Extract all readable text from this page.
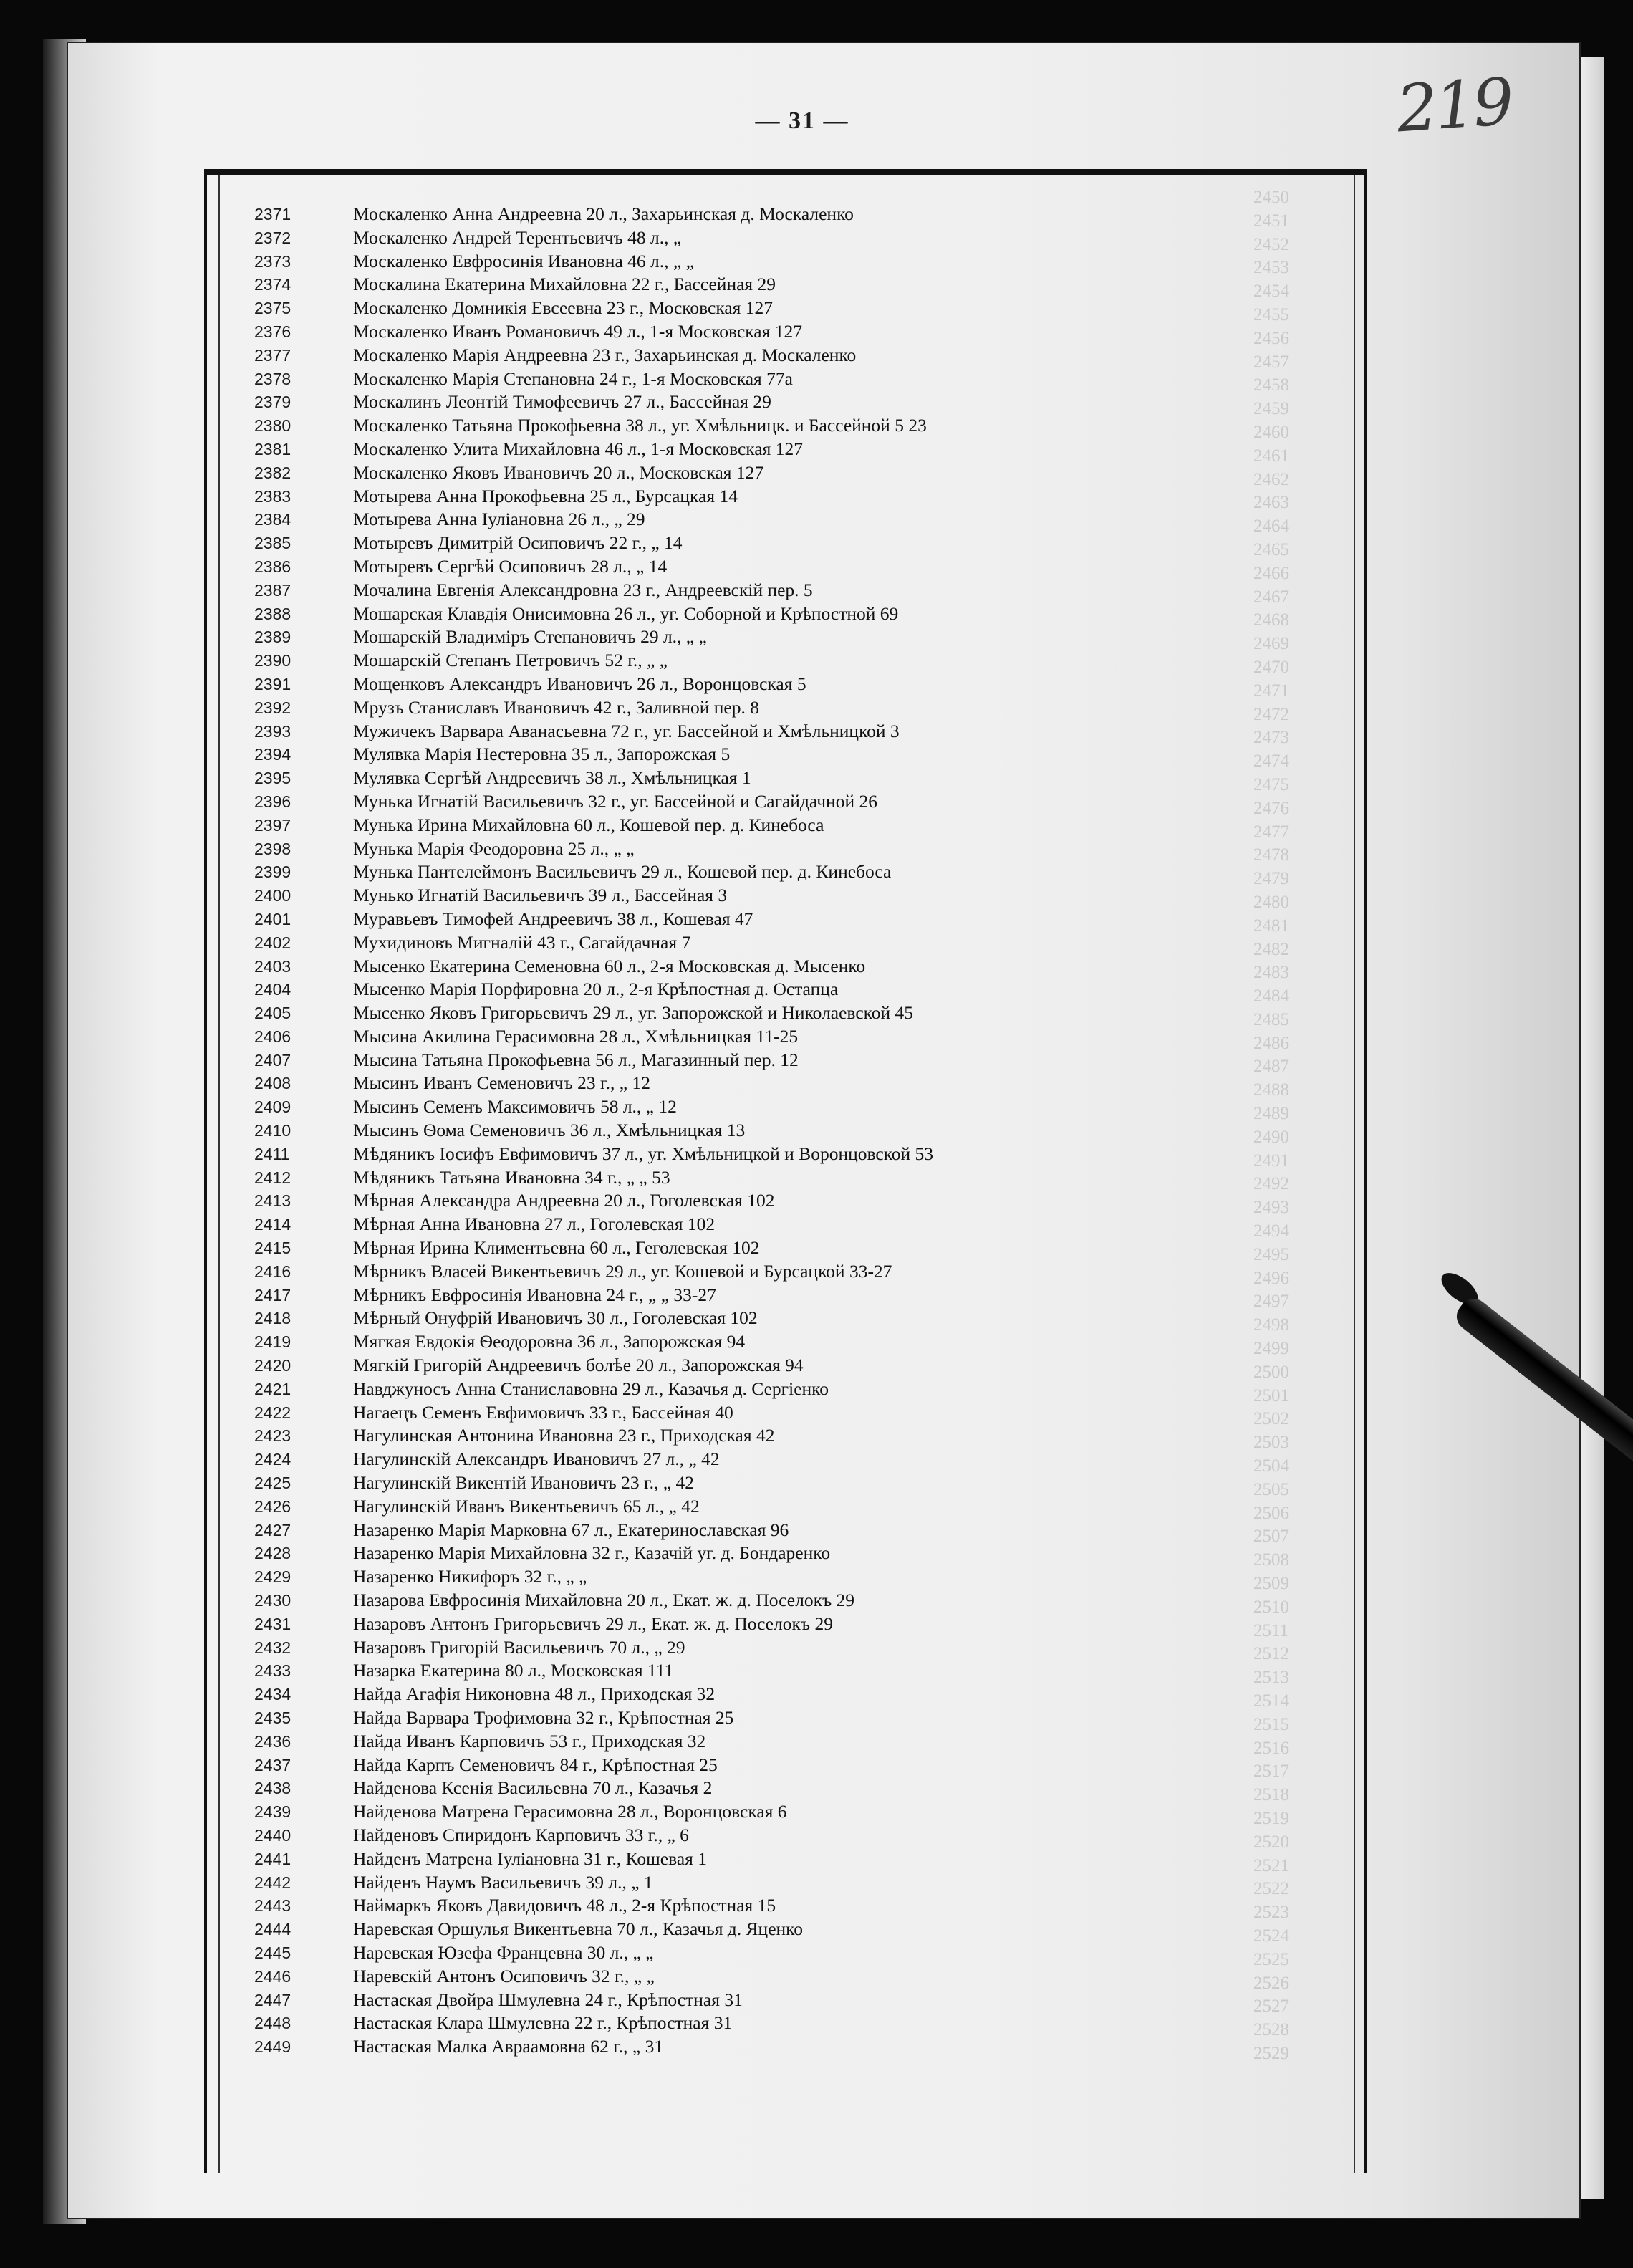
— 31 —	219
2450
2451
2452
2453
2454
2455
2456
2457
2458
2459
2460
2461
2462
2463
2464
2465
2466
2467
2468
2469
2470
2471
2472
2473
2474
2475
2476
2477
2478
2479
2480
2481
2482
2483
2484
2485
2486
2487
2488
2489
2490
2491
2492
2493
2494
2495
2496
2497
2498
2499
2500
2501
2502
2503
2504
2505
2506
2507
2508
2509
2510
2511
2512
2513
2514
2515
2516
2517
2518
2519
2520
2521
2522
2523
2524
2525
2526
2527
2528
2529
2371	Москаленко Анна Андреевна 20 л., Захарьинская д. Москаленко
2372	Москаленко Андрей Терентьевичъ 48 л., „
2373	Москаленко Евфросинія Ивановна 46 л., „ „
2374	Москалина Екатерина Михайловна 22 г., Бассейная 29
2375	Москаленко Домникія Евсеевна 23 г., Московская 127
2376	Москаленко Иванъ Романовичъ 49 л., 1-я Московская 127
2377	Москаленко Марія Андреевна 23 г., Захарьинская д. Москаленко
2378	Москаленко Марія Степановна 24 г., 1-я Московская 77а
2379	Москалинъ Леонтій Тимофеевичъ 27 л., Бассейная 29
2380	Москаленко Татьяна Прокофьевна 38 л., уг. Хмѣльницк. и Бассейной 5 23
2381	Москаленко Улита Михайловна 46 л., 1-я Московская 127
2382	Москаленко Яковъ Ивановичъ 20 л., Московская 127
2383	Мотырева Анна Прокофьевна 25 л., Бурсацкая 14
2384	Мотырева Анна Іуліановна 26 л., „ 29
2385	Мотыревъ Димитрій Осиповичъ 22 г., „ 14
2386	Мотыревъ Сергѣй Осиповичъ 28 л., „ 14
2387	Мочалина Евгенія Александровна 23 г., Андреевскій пер. 5
2388	Мошарская Клавдія Онисимовна 26 л., уг. Соборной и Крѣпостной 69
2389	Мошарскій Владиміръ Степановичъ 29 л., „ „
2390	Мошарскій Степанъ Петровичъ 52 г., „ „
2391	Мощенковъ Александръ Ивановичъ 26 л., Воронцовская 5
2392	Мрузъ Станиславъ Ивановичъ 42 г., Заливной пер. 8
2393	Мужичекъ Варвара Аванасьевна 72 г., уг. Бассейной и Хмѣльницкой 3
2394	Мулявка Марія Нестеровна 35 л., Запорожская 5
2395	Мулявка Сергѣй Андреевичъ 38 л., Хмѣльницкая 1
2396	Мунька Игнатій Васильевичъ 32 г., уг. Бассейной и Сагайдачной 26
2397	Мунька Ирина Михайловна 60 л., Кошевой пер. д. Кинебоса
2398	Мунька Марія Феодоровна 25 л., „ „
2399	Мунька Пантелеймонъ Васильевичъ 29 л., Кошевой пер. д. Кинебоса
2400	Мунько Игнатій Васильевичъ 39 л., Бассейная 3
2401	Муравьевъ Тимофей Андреевичъ 38 л., Кошевая 47
2402	Мухидиновъ Мигналій 43 г., Сагайдачная 7
2403	Мысенко Екатерина Семеновна 60 л., 2-я Московская д. Мысенко
2404	Мысенко Марія Порфировна 20 л., 2-я Крѣпостная д. Остапца
2405	Мысенко Яковъ Григорьевичъ 29 л., уг. Запорожской и Николаевской 45
2406	Мысина Акилина Герасимовна 28 л., Хмѣльницкая 11-25
2407	Мысина Татьяна Прокофьевна 56 л., Магазинный пер. 12
2408	Мысинъ Иванъ Семеновичъ 23 г., „ 12
2409	Мысинъ Семенъ Максимовичъ 58 л., „ 12
2410	Мысинъ Ѳома Семеновичъ 36 л., Хмѣльницкая 13
2411	Мѣдяникъ Іосифъ Евфимовичъ 37 л., уг. Хмѣльницкой и Воронцовской 53
2412	Мѣдяникъ Татьяна Ивановна 34 г., „ „ 53
2413	Мѣрная Александра Андреевна 20 л., Гоголевская 102
2414	Мѣрная Анна Ивановна 27 л., Гоголевская 102
2415	Мѣрная Ирина Климентьевна 60 л., Геголевская 102
2416	Мѣрникъ Власей Викентьевичъ 29 л., уг. Кошевой и Бурсацкой 33-27
2417	Мѣрникъ Евфросинія Ивановна 24 г., „ „ 33-27
2418	Мѣрный Онуфрій Ивановичъ 30 л., Гоголевская 102
2419	Мягкая Евдокія Ѳеодоровна 36 л., Запорожская 94
2420	Мягкій Григорій Андреевичъ болѣе 20 л., Запорожская 94
2421	Навджуносъ Анна Станиславовна 29 л., Казачья д. Сергіенко
2422	Нагаецъ Семенъ Евфимовичъ 33 г., Бассейная 40
2423	Нагулинская Антонина Ивановна 23 г., Приходская 42
2424	Нагулинскій Александръ Ивановичъ 27 л., „ 42
2425	Нагулинскій Викентій Ивановичъ 23 г., „ 42
2426	Нагулинскій Иванъ Викентьевичъ 65 л., „ 42
2427	Назаренко Марія Марковна 67 л., Екатеринославская 96
2428	Назаренко Марія Михайловна 32 г., Казачій уг. д. Бондаренко
2429	Назаренко Никифоръ 32 г., „ „
2430	Назарова Евфросинія Михайловна 20 л., Екат. ж. д. Поселокъ 29
2431	Назаровъ Антонъ Григорьевичъ 29 л., Екат. ж. д. Поселокъ 29
2432	Назаровъ Григорій Васильевичъ 70 л., „ 29
2433	Назарка Екатерина 80 л., Московская 111
2434	Найда Агафія Никоновна 48 л., Приходская 32
2435	Найда Варвара Трофимовна 32 г., Крѣпостная 25
2436	Найда Иванъ Карповичъ 53 г., Приходская 32
2437	Найда Карпъ Семеновичъ 84 г., Крѣпостная 25
2438	Найденова Ксенія Васильевна 70 л., Казачья 2
2439	Найденова Матрена Герасимовна 28 л., Воронцовская 6
2440	Найденовъ Спиридонъ Карповичъ 33 г., „ 6
2441	Найденъ Матрена Іуліановна 31 г., Кошевая 1
2442	Найденъ Наумъ Васильевичъ 39 л., „ 1
2443	Наймаркъ Яковъ Давидовичъ 48 л., 2-я Крѣпостная 15
2444	Наревская Оршулья Викентьевна 70 л., Казачья д. Яценко
2445	Наревская Юзефа Францевна 30 л., „ „
2446	Наревскій Антонъ Осиповичъ 32 г., „ „
2447	Настаская Двойра Шмулевна 24 г., Крѣпостная 31
2448	Настаская Клара Шмулевна 22 г., Крѣпостная 31
2449	Настаская Малка Авраамовна 62 г., „ 31
